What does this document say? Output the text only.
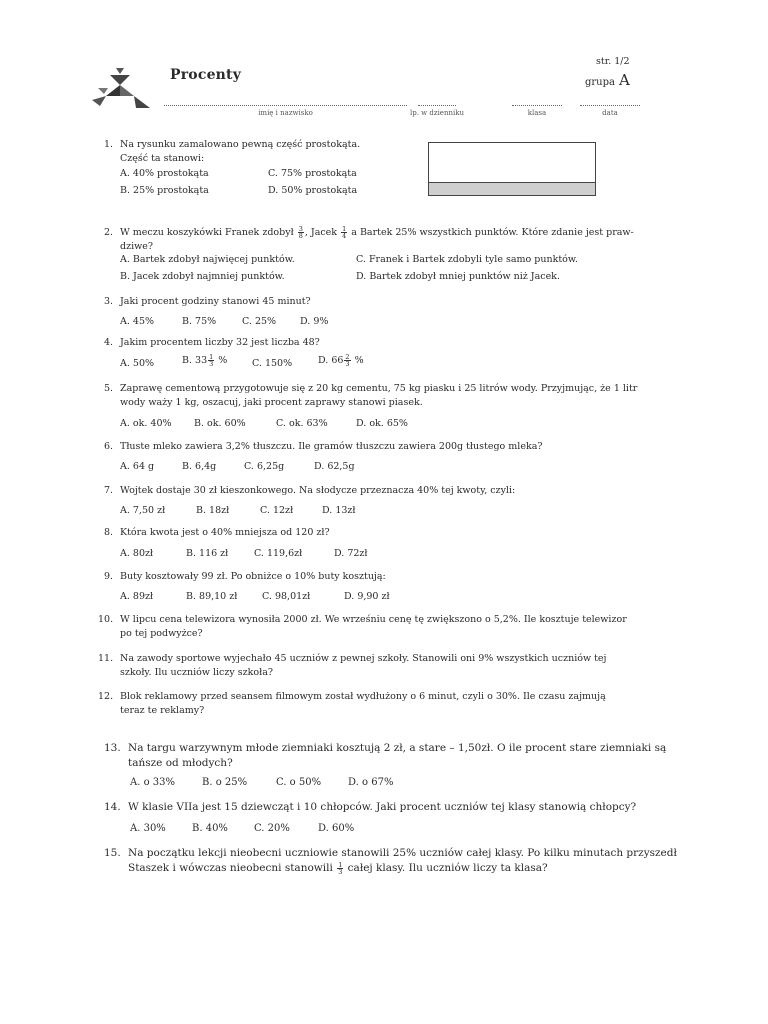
Procenty
str. 1/2
grupa A
imię i nazwisko	lp. w dzienniku	klasa	data
1. Na rysunku zamalowano pewną część prostokąta.
Część ta stanowi:
A. 40% prostokąta	C. 75% prostokąta
B. 25% prostokąta	D. 50% prostokąta
2. W meczu koszykówki Franek zdobył $\frac{3}{8}$ , Jacek $\frac{1}{4}$ a Bartek 25% wszystkich punktów. Które zdanie jest praw-
dziwe?
A. Bartek zdobył najwięcej punktów.	C. Franek i Bartek zdobyli tyle samo punktów.
B. Jacek zdobył najmniej punktów.	D. Bartek zdobył mniej punktów niż Jacek.
3. Jaki procent godziny stanowi 45 minut?
A. 45%	B. 75%	C. 25%	D. 9%
4. Jakim procentem liczby 32 jest liczba 48?
A. 50%	B. $33 \frac{1}{3}$ %	C. 150%	D. $66 \frac{2}{3}$ %
5. Zaprawę cementową przygotowuje się z 20 kg cementu, 75 kg piasku i 25 litrów wody. Przyjmując, że 1 litr
wody waży 1 kg, oszacuj, jaki procent zaprawy stanowi piasek.
A. ok. 40% B. ok. 60%	C. ok. 63%	D. ok. 65%
6. Tłuste mleko zawiera 3,2% tłuszczu. Ile gramów tłuszczu zawiera 200g tłustego mleka?
A. 64 g	B. 6,4g	C. 6,25g	D. 62,5g
7. Wojtek dostaje 30 zł kieszonkowego. Na słodycze przeznacza 40% tej kwoty, czyli:
A. 7,50 zł	B. 18zł	C. 12zł	D. 13zł
8. Która kwota jest o 40% mniejsza od 120 zł?
A. 80zł	B. 116 zł	C. 119,6zł	D. 72zł
9. Buty kosztowały 99 zł. Po obniżce o 10% buty kosztują:
A. 89zł	B. 89,10 zł	C. 98,01zł	D. 9,90 zł
10. W lipcu cena telewizora wynosiła 2000 zł. We wrześniu cenę tę zwiększono o 5,2%. Ile kosztuje telewizor
po tej podwyżce?
11. Na zawody sportowe wyjechało 45 uczniów z pewnej szkoły. Stanowili oni 9% wszystkich uczniów tej
szkoły. Ilu uczniów liczy szkoła?
12. Blok reklamowy przed seansem filmowym został wydłużony o 6 minut, czyli o 30%. Ile czasu zajmują
teraz te reklamy?
13. Na targu warzywnym młode ziemniaki kosztują 2 zł, a stare – 1,50zł. O ile procent stare ziemniaki są
tańsze od młodych?
A. o 33%	B. o 25%	C. o 50%	D. o 67%
14. W klasie VIIa jest 15 dziewcząt i 10 chłopców. Jaki procent uczniów tej klasy stanowią chłopcy?
A. 30%	B. 40%	C. 20%	D. 60%
15. Na początku lekcji nieobecni uczniowie stanowili 25% uczniów całej klasy. Po kilku minutach przyszedł
Staszek i wówczas nieobecni stanowili $\frac{1}{3}$ całej klasy. Ilu uczniów liczy ta klasa?
